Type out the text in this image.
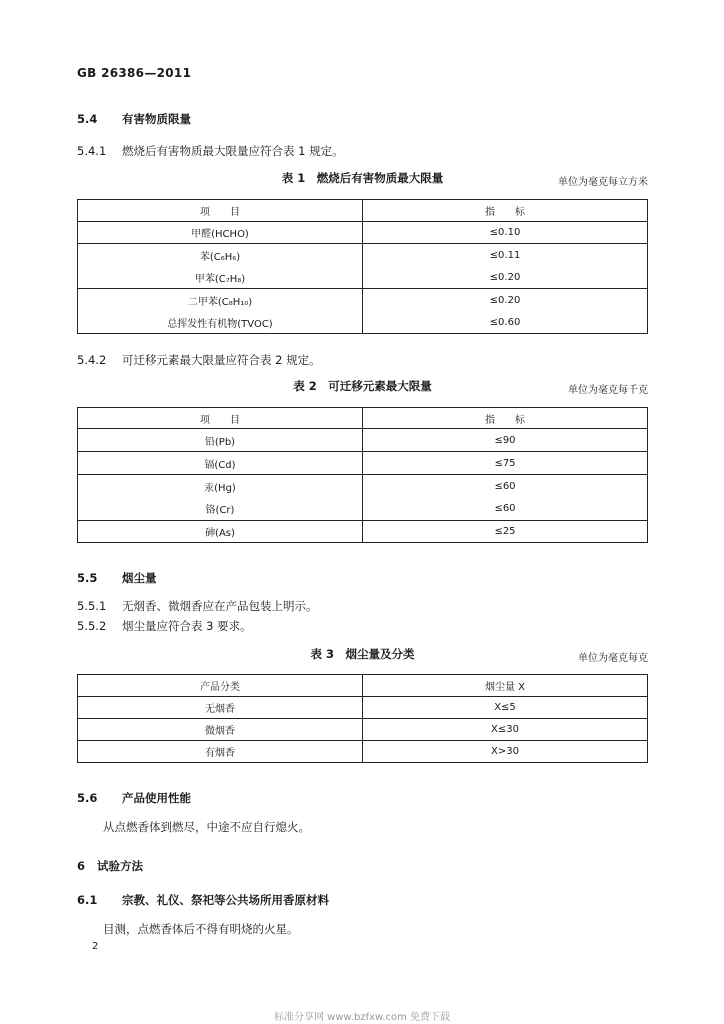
GB 26386—2011
5.4 有害物质限量
5.4.1 燃烧后有害物质最大限量应符合表 1 规定。
表 1　燃烧后有害物质最大限量	单位为毫克每立方米
项　　目	指　　标
甲醛(HCHO)	≤0.10
苯(C₆H₆)	≤0.11
甲苯(C₇H₈)	≤0.20
二甲苯(C₈H₁₀)	≤0.20
总挥发性有机物(TVOC)	≤0.60
5.4.2 可迁移元素最大限量应符合表 2 规定。
表 2　可迁移元素最大限量	单位为毫克每千克
项　　目	指　　标
铅(Pb)	≤90
镉(Cd)	≤75
汞(Hg)	≤60
铬(Cr)	≤60
砷(As)	≤25
5.5 烟尘量
5.5.1 无烟香、微烟香应在产品包装上明示。
5.5.2 烟尘量应符合表 3 要求。
表 3　烟尘量及分类	单位为毫克每克
产品分类	烟尘量 X
无烟香	X≤5
微烟香	X≤30
有烟香	X>30
5.6 产品使用性能
从点燃香体到燃尽，中途不应自行熄火。
6 试验方法
6.1 宗教、礼仪、祭祀等公共场所用香原材料
目测，点燃香体后不得有明烧的火星。
2
标准分享网 www.bzfxw.com 免费下载
